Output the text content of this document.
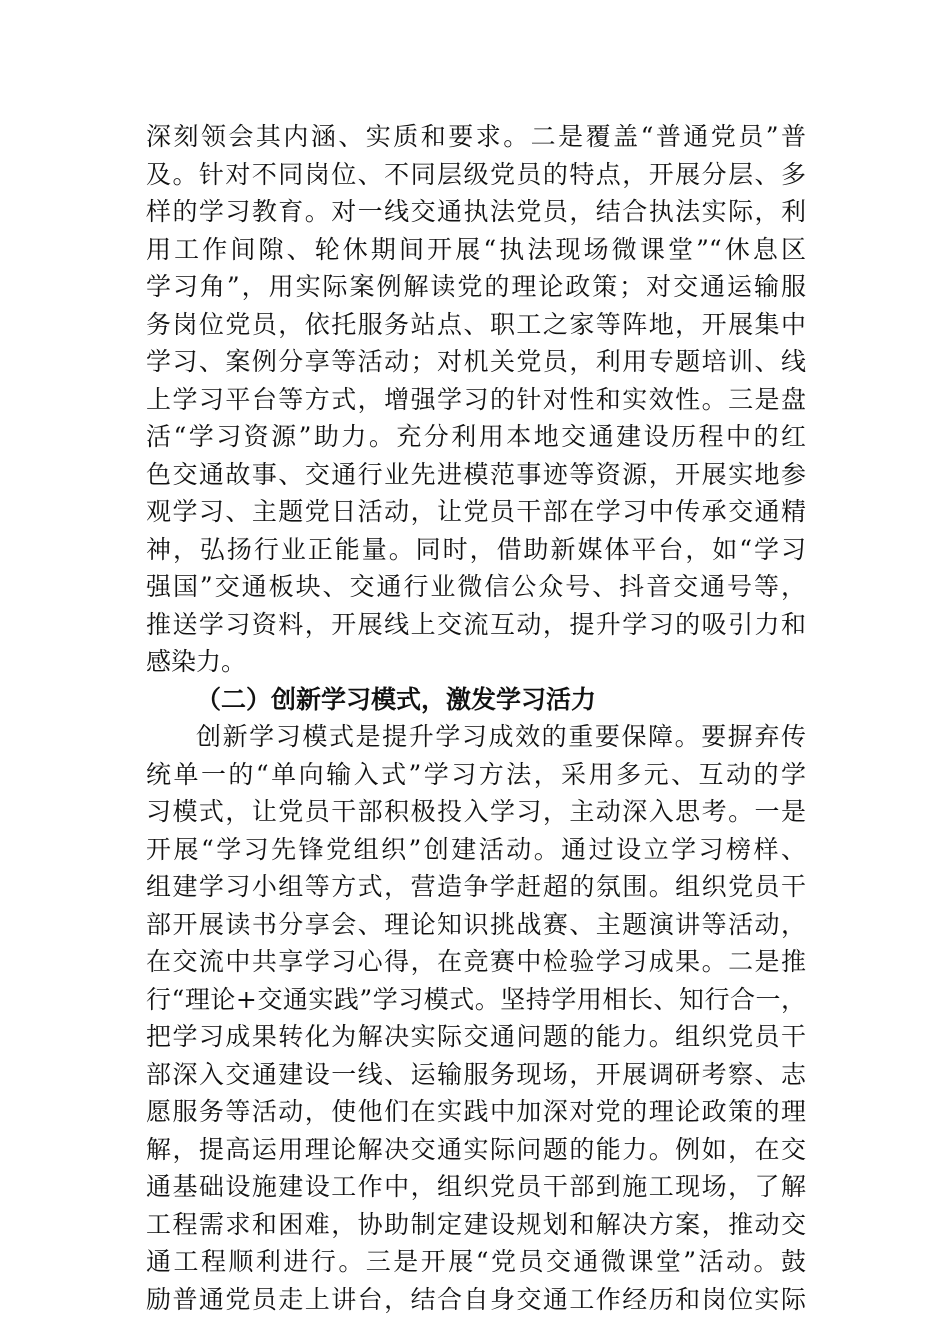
深刻领会其内涵、实质和要求。二是覆盖“普通党员”普
及。针对不同岗位、不同层级党员的特点，开展分层、多
样的学习教育。对一线交通执法党员，结合执法实际，利
用工作间隙、轮休期间开展“执法现场微课堂”“休息区
学习角”，用实际案例解读党的理论政策；对交通运输服
务岗位党员，依托服务站点、职工之家等阵地，开展集中
学习、案例分享等活动；对机关党员，利用专题培训、线
上学习平台等方式，增强学习的针对性和实效性。三是盘
活“学习资源”助力。充分利用本地交通建设历程中的红
色交通故事、交通行业先进模范事迹等资源，开展实地参
观学习、主题党日活动，让党员干部在学习中传承交通精
神，弘扬行业正能量。同时，借助新媒体平台，如“学习
强国”交通板块、交通行业微信公众号、抖音交通号等，
推送学习资料，开展线上交流互动，提升学习的吸引力和
感染力。
（二）创新学习模式，激发学习活力
创新学习模式是提升学习成效的重要保障。要摒弃传
统单一的“单向输入式”学习方法，采用多元、互动的学
习模式，让党员干部积极投入学习，主动深入思考。一是
开展“学习先锋党组织”创建活动。通过设立学习榜样、
组建学习小组等方式，营造争学赶超的氛围。组织党员干
部开展读书分享会、理论知识挑战赛、主题演讲等活动，
在交流中共享学习心得，在竞赛中检验学习成果。二是推
行“理论+交通实践”学习模式。坚持学用相长、知行合一，
把学习成果转化为解决实际交通问题的能力。组织党员干
部深入交通建设一线、运输服务现场，开展调研考察、志
愿服务等活动，使他们在实践中加深对党的理论政策的理
解，提高运用理论解决交通实际问题的能力。例如，在交
通基础设施建设工作中，组织党员干部到施工现场，了解
工程需求和困难，协助制定建设规划和解决方案，推动交
通工程顺利进行。三是开展“党员交通微课堂”活动。鼓
励普通党员走上讲台，结合自身交通工作经历和岗位实际
